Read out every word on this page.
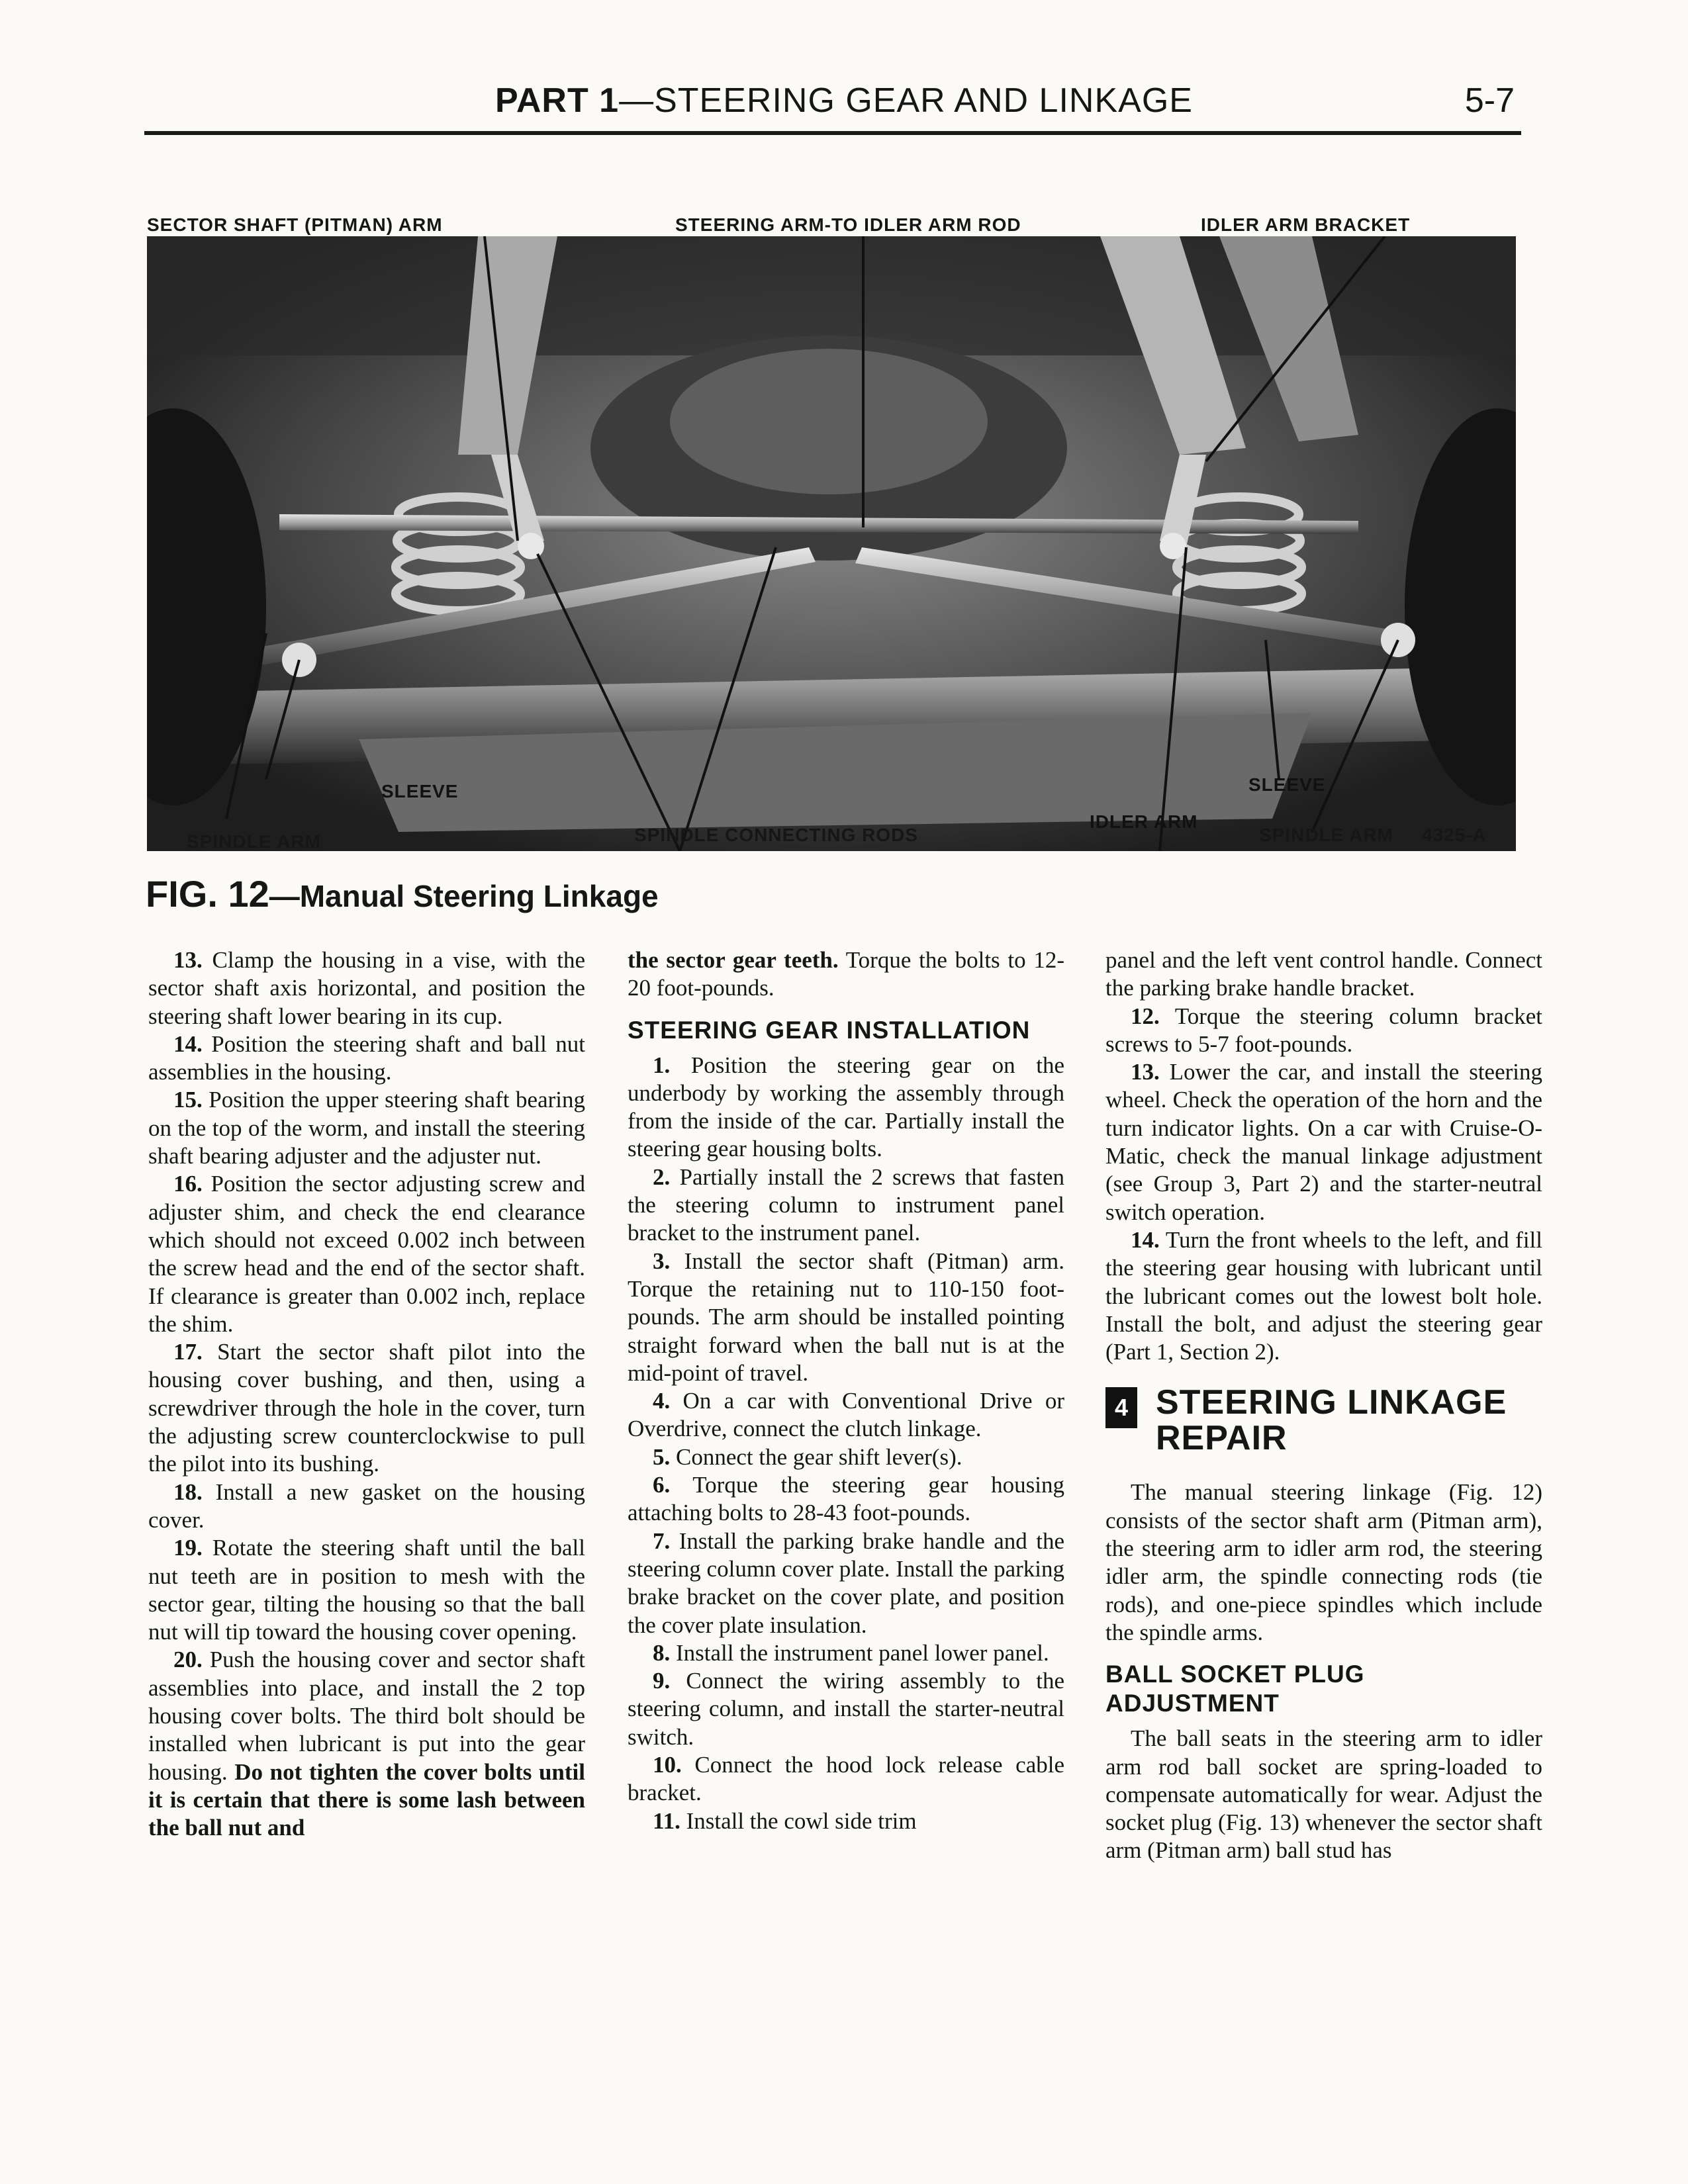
PART 1—STEERING GEAR AND LINKAGE	5-7
SECTOR SHAFT (PITMAN) ARM	STEERING ARM-TO IDLER ARM ROD	IDLER ARM BRACKET
SLEEVE	SLEEVE
SPINDLE ARM	SPINDLE CONNECTING RODS
IDLER ARM
SPINDLE ARM 4325-A
FIG. 12—Manual Steering Linkage

13. Clamp the housing in a vise, with the sector shaft axis horizontal, and position the steering shaft lower bearing in its cup.

14. Position the steering shaft and ball nut assemblies in the housing.

15. Position the upper steering shaft bearing on the top of the worm, and install the steering shaft bearing adjuster and the adjuster nut.

16. Position the sector adjusting screw and adjuster shim, and check the end clearance which should not exceed 0.002 inch between the screw head and the end of the sector shaft. If clearance is greater than 0.002 inch, replace the shim.

17. Start the sector shaft pilot into the housing cover bushing, and then, using a screwdriver through the hole in the cover, turn the adjusting screw counterclockwise to pull the pilot into its bushing.

18. Install a new gasket on the housing cover.

19. Rotate the steering shaft until the ball nut teeth are in position to mesh with the sector gear, tilting the housing so that the ball nut will tip toward the housing cover opening.

20. Push the housing cover and sector shaft assemblies into place, and install the 2 top housing cover bolts. The third bolt should be installed when lubricant is put into the gear housing. Do not tighten the cover bolts until it is certain that there is some lash between the ball nut and

the sector gear teeth. Torque the bolts to 12-20 foot-pounds.

STEERING GEAR INSTALLATION

1. Position the steering gear on the underbody by working the assembly through from the inside of the car. Partially install the steering gear housing bolts.

2. Partially install the 2 screws that fasten the steering column to instrument panel bracket to the instrument panel.

3. Install the sector shaft (Pitman) arm. Torque the retaining nut to 110-150 foot-pounds. The arm should be installed pointing straight forward when the ball nut is at the mid-point of travel.

4. On a car with Conventional Drive or Overdrive, connect the clutch linkage.

5. Connect the gear shift lever(s).

6. Torque the steering gear housing attaching bolts to 28-43 foot-pounds.

7. Install the parking brake handle and the steering column cover plate. Install the parking brake bracket on the cover plate, and position the cover plate insulation.

8. Install the instrument panel lower panel.

9. Connect the wiring assembly to the steering column, and install the starter-neutral switch.

10. Connect the hood lock release cable bracket.

11. Install the cowl side trim

panel and the left vent control handle. Connect the parking brake handle bracket.

12. Torque the steering column bracket screws to 5-7 foot-pounds.

13. Lower the car, and install the steering wheel. Check the operation of the horn and the turn indicator lights. On a car with Cruise-O-Matic, check the manual linkage adjustment (see Group 3, Part 2) and the starter-neutral switch operation.

14. Turn the front wheels to the left, and fill the steering gear housing with lubricant until the lubricant comes out the lowest bolt hole. Install the bolt, and adjust the steering gear (Part 1, Section 2).

4 STEERING LINKAGE
REPAIR

The manual steering linkage (Fig. 12) consists of the sector shaft arm (Pitman arm), the steering arm to idler arm rod, the steering idler arm, the spindle connecting rods (tie rods), and one-piece spindles which include the spindle arms.

BALL SOCKET PLUG
ADJUSTMENT

The ball seats in the steering arm to idler arm rod ball socket are spring-loaded to compensate automatically for wear. Adjust the socket plug (Fig. 13) whenever the sector shaft arm (Pitman arm) ball stud has
